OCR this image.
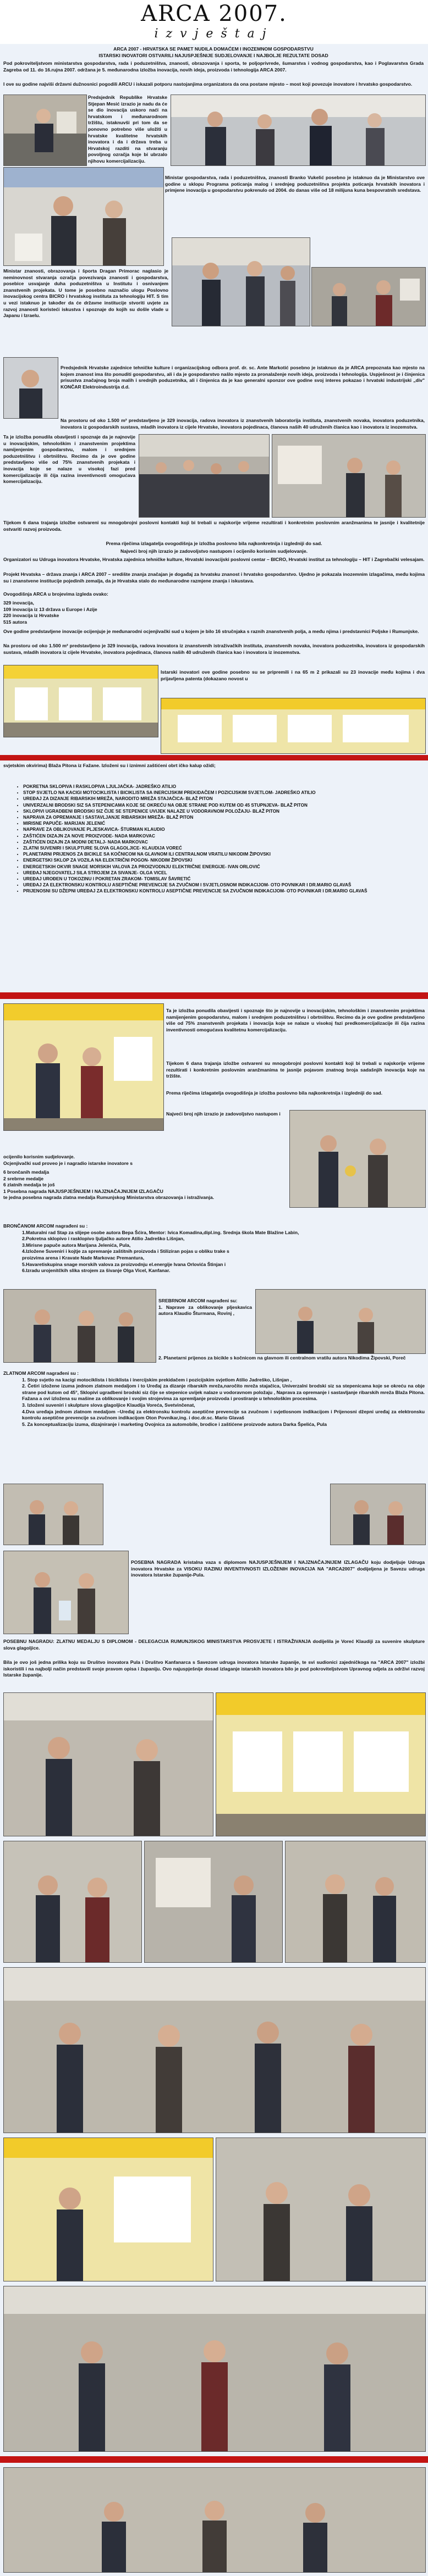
ARCA 2007.
izvještaj

ARCA 2007 - HRVATSKA SE PAMET NUDILA DOMAĆEM I INOZEMNOM GOSPODARSTVU

ISTARSKI INOVATORI OSTVARILI NAJUSPJEŠNIJE SUDJELOVANJE I NAJBOLJE REZULTATE DOSAD

Pod pokroviteljstvom ministarstva gospodarstva, rada i poduzetništva, znanosti, obrazovanja i sporta, te poljoprivrede, šumarstva i vodnog gospodarstva, kao i Poglavarstva Grada Zagreba od 11. do 16.rujna 2007. održana je 5. međunarodna izložba inovacija, novih ideja, proizvoda i tehnologija ARCA 2007.

I ove su godine najviši državni dužnosnici pogodili ARCU i iskazali potporu nastojanjima organizatora da ona postane mjesto – most koji povezuje inovatore i hrvatsko gospodarstvo.

Predsjednik Republike Hrvatske Stjepan Mesić izrazio je nadu da će se dio inovacija uskoro naći na hrvatskom i međunarodnom tržištu, istaknuvši pri tom da se ponovno potrebno više uložiti u hrvatske kvalitetne hrvatskih inovatora i da i država treba u Hrvatskoj razditi na stvaranju povoljnog ozračja koje bi ubrzalo njihovu komercijalizaciju.

Ministar gospodarstva, rada i poduzetništva, znanosti Branko Vukelić posebno je istaknuo da je Ministarstvo ove godine u sklopu Programa poticanja malog i srednjeg poduzetništva projekta poticanja hrvatskih inovatora i primjene inovacija u gospodarstvu pokrenulo od 2004. do danas više od 18 milijuna kuna bespovratnih sredstava.

Ministar znanosti, obrazovanja i športa Dragan Primorac naglasio je neminovnost stvaranja ozračja povezivanja znanosti i gospodarstva, posebice usvajanje duha poduzetništva u Institutu i osnivanjem znanstvenih projekata. U tome je posebno naznačio ulogu Poslovno inovacijskog centra BICRO i hrvatskog instituta za tehnologiju HIT. S tim u vezi istaknuo je također da će državne institucije stvoriti uvjete za razvoj znanosti koristeći iskustva i spoznaje do kojih su došle vlade u Japanu i Izraelu.

Predsjednik Hrvatske zajednice tehničke kulture i organizacijskog odbora prof. dr. sc. Ante Markotić posebno je istaknuo da je ARCA prepoznata kao mjesto na kojem znanost ima što ponuditi gospodarstvu, ali i da je gospodarstvo našlo mjesto za pronalaženje novih ideja, proizvoda i tehnologija. Uspješnost je i činjenica prisustva značajnog broja malih i srednjih poduzetnika, ali i činjenica da je kao generalni sponzor ove godine svoj interes pokazao i hrvatski industrijski „div" KONČAR Elektroindustrija d.d.

Na prostoru od oko 1.500 m² predstavljeno je 329 inovacija, radova inovatora iz znanstvenih laboratorija instituta, znanstvenih novaka, inovatora poduzetnika, inovatora iz gospodarskih sustava, mladih inovatora iz cijele Hrvatske, inovatora pojedinaca, članova naših 40 udruženih članica kao i inovatora iz inozemstva.

Ta je izložba ponudila obavijesti i spoznaje da je najnovije u inovacijskim, tehnološkim i znanstvenim projektima namijenjenim gospodarstvu, malom i srednjem poduzetništvu i obrtništvu. Recimo da je ove godine predstavljeno više od 75% znanstvenih projekata i inovacija koje se nalaze u visokoj fazi pred komercijalizacije ili čija razina inventivnosti omogućava komercijalizaciju.

Tijekom 6 dana trajanja izložbe ostvareni su mnogobrojni poslovni kontakti koji bi trebali u najskorije vrijeme rezultirati i konkretnim poslovnim aranžmanima te jasnije i kvalitetnije ostvariti razvoj proizvoda.

Prema riječima izlagatelja ovogodišnja je izložba poslovno bila najkonkretnija i izgledniji do sad.

Najveći broj njih izrazio je zadovoljstvo nastupom i ocijenilo korisnim sudjelovanje.

Organizatori su Udruga inovatora Hrvatske, Hrvatska zajednica tehničke kulture, Hrvatski inovacijski poslovni centar – BICRO, Hrvatski institut za tehnologiju – HIT i Zagrebački velesajam.

Projekt Hrvatska – država znanja i ARCA 2007 – središte znanja značajan je događaj za hrvatsku znanost i hrvatsko gospodarstvo. Ujedno je pokazala inozemnim izlagačima, među kojima su i znanstvene institucije pojedinih zemalja, da je Hrvatska stalo do međunarodne razmjene znanja i iskustava.

Ovogodišnja ARCA u brojevima izgleda ovako:

329 inovacija,

109 inovacija iz 13 država u Europe i Azije

220 inovacija iz Hrvatske

515 autora

Ove godine predstavljene inovacije ocijenjuje je međunarodni ocjenjivački sud u kojem je bilo 16 stručnjaka s raznih znanstvenih polja, a među njima i predstavnici Poljske i Rumunjske.

Na prostoru od oko 1.500 m² predstavljeno je 329 inovacija, radova inovatora iz znanstvenih istraživačkih instituta, znanstvenih novaka, inovatora poduzetnika, inovatora iz gospodarskih sustava, mladih inovatora iz cijele Hrvatske, inovatora pojedinaca, članova naših 40 udruženih članica kao i inovatora iz inozemstva.

Istarski inovatori ove godine posebno su se pripremili i na 65 m 2 prikazali su 23 inovacije među kojima i dva prijavljena patenta (dokazano novost u

svjetskim okvirima) Blaža Pitona iz Fažane. Izloženi su i iznimni zaštićeni obrt ičko kalup ožidi;

• POKRETNA SKLOPIVA I RASKLOPIVA LJULJAČKA- JADREŠKO ATILIO
• STOP SVJETLO NA KACIGI MOTOCIKLISTA I BICIKLISTA SA INERCIJSKIM PREKIDAČEM I POZICIJSKIM SVJETLOM- JADREŠKO ATILIO
• UREĐAJ ZA DIZANJE RIBARSKIH MREŽA, NARODITO MREŽA STAJAČICA- BLAŽ PITON
• UNIVERZALNI BRODSKI SIZ SA STEPENICAMA KOJE SE OKREĆU NA OBJE STRANE POD KUTEM OD 45 STUPNJEVA- BLAŽ PITON
• SKLOPIVI UGRADBENI BRODSKI SIZ ČIJE SE STEPENICE UVIJEK NALAZE U VODORAVNOM POLOŽAJU- BLAŽ PITON
• NAPRAVA ZA OPREMANJE I SASTAVLJANJE RIBARSKIH MREŽA- BLAŽ PITON
• MIRISNE PAPUČE- MARIJAN JELENIĆ
• NAPRAVE ZA OBLIKOVANJE PLJESKAVICA- ŠTURMAN KLAUDIO
• ZAŠTIĆEN DIZAJN ZA NOVE PROIZVODE- NADA MARKOVAC
• ZAŠTIĆEN DIZAJN ZA MODNI DETALJ- NADA MARKOVAC
• ZLATNI SUVENIRI I SKULPTURE SLOVA GLAGOLJICE- KLAUDIJA VOREĆ
• PLANETARNI PRIJENOS ZA BICIKLE SA KOČNICOM NA GLAVNOM ILI CENTRALNOM VRATILU NIKODIM ŽIPOVSKI
• ENERGETSKI SKLOP ZA VOZILA NA ELEKTRIČNI POGON- NIKODIM ŽIPOVSKI
• ENERGETSKIH OKVIR SNAGE MORSKIH VALOVA ZA PROIZVODNJU ELEKTRIČNE ENERGIJE- IVAN ORLOVIĆ
• UREĐAJ NJEGOVATELJ SILA STROJEM ZA SIVANJE- OLGA VICEL
• UREĐAJ UROĐEN U TOKOZINU I POKRETAN ZRAKOM- TOMISLAV ŠAVRETIĆ
• UREĐAJ ZA ELEKTRONSKU KONTROLU ASEPTIČNE PREVENCIJE SA ZVUČNOM I SVJETLOSNOM INDIKACIJOM- OTO POVNIKAR I DR.MARIO GLAVAŠ
• PRIJENOSNI SU DŽEPNI UREĐAJ ZA ELEKTRONSKU KONTROLU ASEPTIČNE PREVENCIJE SA ZVUČNOM INDIKACIJOM- OTO POVNIKAR I DR.MARIO GLAVAŠ

Ta je izložba ponudila obavijesti i spoznaje što je najnovije u inovacijskim, tehnološkim i znanstvenim projektima namijenjenim gospodarstvu, malom i srednjem poduzetništvu i obrtništvu. Recimo da je ove godine predstavljeno više od 75% znanstvenih projekata i inovacija koje se nalaze u visokoj fazi predkomercijalizacije ili čija razina inventivnosti omogućava kvalitetnu komercijalizaciju.

Tijekom 6 dana trajanja izložbe ostvareni su mnogobrojni poslovni kontakti koji bi trebali u najskorije vrijeme rezultirati i konkretnim poslovnim aranžmanima te jasnije pojavom znatnog broja sadašnjih inovacija koje na tržište.

Prema riječima izlagatelja ovogodišnja je izložba poslovno bila najkonkretnija i izgledniji do sad.

Najveći broj njih izrazio je zadovoljstvo nastupom i

ocijenilo korisnim sudjelovanje.

Ocjenjivački sud proveo je i nagradio istarske inovatore s

6 brončanih medalja

2 srebrne medalje

6 zlatnih medalja te još

1 Posebna nagrada NAJUSPJEŠNIJEM I NAJZNAČAJNIJEM IZLAGAČU

te jedna posebna nagrada zlatna medalja Rumunjskog Ministarstva obrazovanja i istraživanja.

BRONČANOM ARCOM nagrađeni su :

1.Maturalni rad Stap za slijepe osobe autora Bepa Šćira, Mentor: Ivica Komadina,dipl.ing. Srednja škola Mate Blažine Labin,

2.Pokretna sklopivo i rasklopivo ljuljačko autore Atilio Jadreško Lišnjan,

3.Mirisne papuče autora Marijana Jelenića, Pula,

4.Izložene Suveniri i kojtje za spremanje zaštitnih proizvoda i Stiliziran pojas u obliku trake s

proizvima arena i Kravate Nade Markovac Premantura,

5.Havaretiskupina snage morskih valova za proizvodnju el.energije Ivana Orlovića Štinjan i

6.Izradu urojenitčkih slika strojem za šivanje Olga Vicel, Kanfanar.

SREBRNOM ARCOM nagrađeni su:

1. Naprave za oblikovanje pljeskavica autora Klaudio Šturmana, Rovinj ,

2. Planetarni prijenos za bicikle s kočnicom na glavnom ili centralnom vratilu autora Nikodima Žipovski, Poreč

ZLATNOM ARCOM nagrađeni su :

1. Stop svjetlo na kacigi motociklista i biciklista i inercijskim prekidačem i pozicijskim svjetlom Atilio Jadreško, Lišnjan ,

2. Četiri izložene izuma jednom zlatnom medaljom i to Uređaj za dizanje ribarskih mreža,naročito mreža stajačica, Univerzalni brodski siz sa stepenicama koje se okreću na obje strane pod kutom od 45°, Sklopivi ugradbeni brodski siz čije se stepenice uvijek nalaze u vodoravnom položaju , Naprava za opremanje i sastavljanje ribarskih mreža Blaža Pitona. Fažana a ovi izložena su mašine za oblikovanje i svojim strojevima za spremljanje proizvoda i prostiranje u tehnološkim procesima.

3. Izloženi suveniri i skulpture slova glagoljice Klaudija Voreća, Svetvinčenat,

4.Dva uređaja jednom zlatnom medaljom –Uređaj za elektronsku kontrolu aseptične prevencije sa zvučnom i svjetlosnom indikacijom i Prijenosni džepni uređaj za elektronsku kontrolu aseptične prevencije sa zvučnom indikacijom Oton Povnikar,ing. i doc.dr.sc. Mario Glavaš

5. Za konceptualizaciju izuma, dizajniranje i marketing Ovojnica za automobile, brodice i zaštićene proizvode autora Darka Špelića, Pula

POSEBNA NAGRADA kristalna vaza s diplomom NAJUSPJEŠNIJEM I NAJZNAČAJNIJEM IZLAGAČU koju dodjeljuje Udruga inovatora Hrvatske za VISOKU RAZINU INVENTIVNOSTI IZLOŽENIH INOVACIJA NA "ARCA2007" dodijeljena je Savezu udruga inovatora Istarske županije-Pula.

POSEBNU NAGRADU: ZLATNU MEDALJU S DIPLOMOM - DELEGACIJA RUMUNJSKOG MINISTARSTVA PROSVJETE I ISTRAŽIVANJA dodijelila je Voreć Klaudiji za suvenire skulpture slova glagoljice.

Bila je ovo još jedna prilika koju su Društvo inovatora Pula i Društvo Kanfanarca s Savezom udruga inovatora Istarske županije, te svi sudionici zajedničkoga na "ARCA 2007" izložbi iskoristili i na najbolji način predstavili svoje pravom opisa i županiju. Ovo najuspješnije dosad izlaganje istarskih inovatora bilo je pod pokroviteljstvom Upravnog odjela za održivi razvoj Istarske županije.
